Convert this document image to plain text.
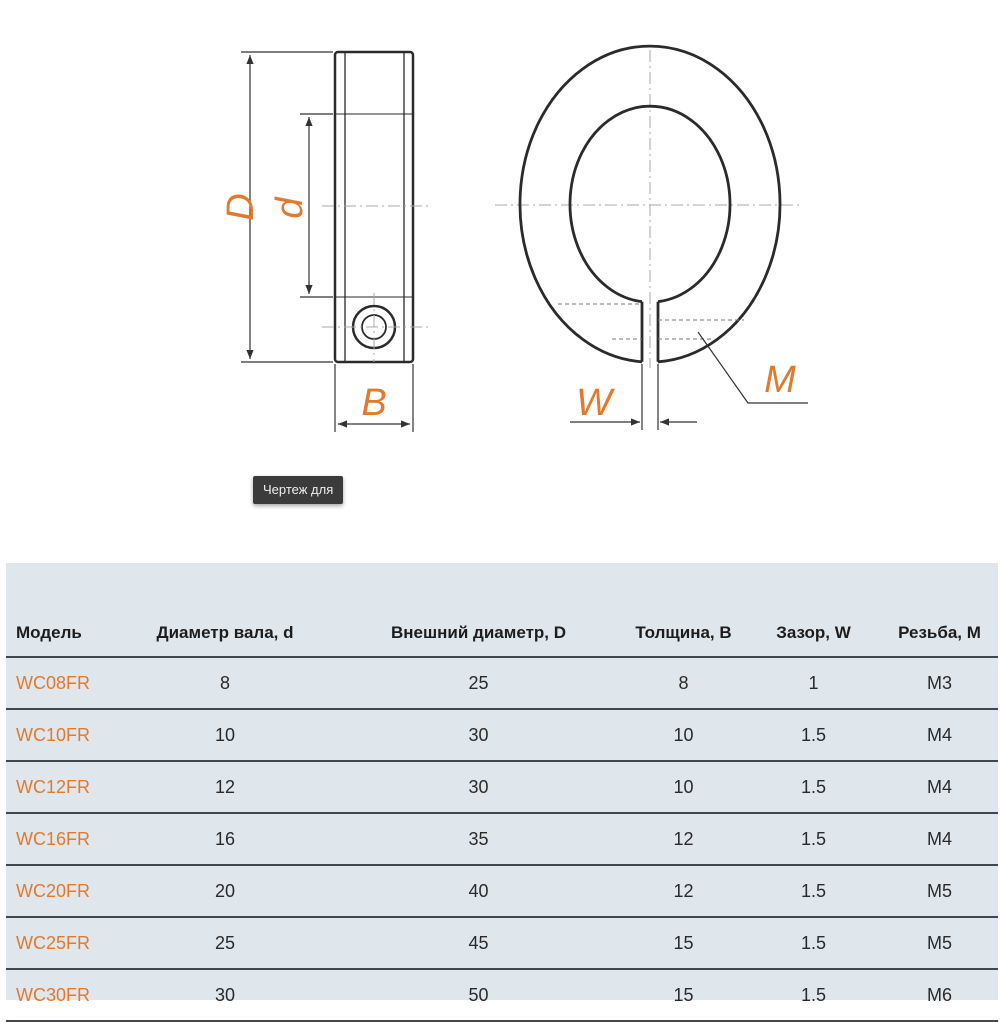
D d
B	W
M
Чертеж для
Модель	Диаметр вала, d	Внешний диаметр, D	Толщина, B	Зазор, W	Резьба, M
WC08FR	8	25	8	1	M3
WC10FR	10	30	10	1.5	M4
WC12FR	12	30	10	1.5	M4
WC16FR	16	35	12	1.5	M4
WC20FR	20	40	12	1.5	M5
WC25FR	25	45	15	1.5	M5
WC30FR	30	50	15	1.5	M6
